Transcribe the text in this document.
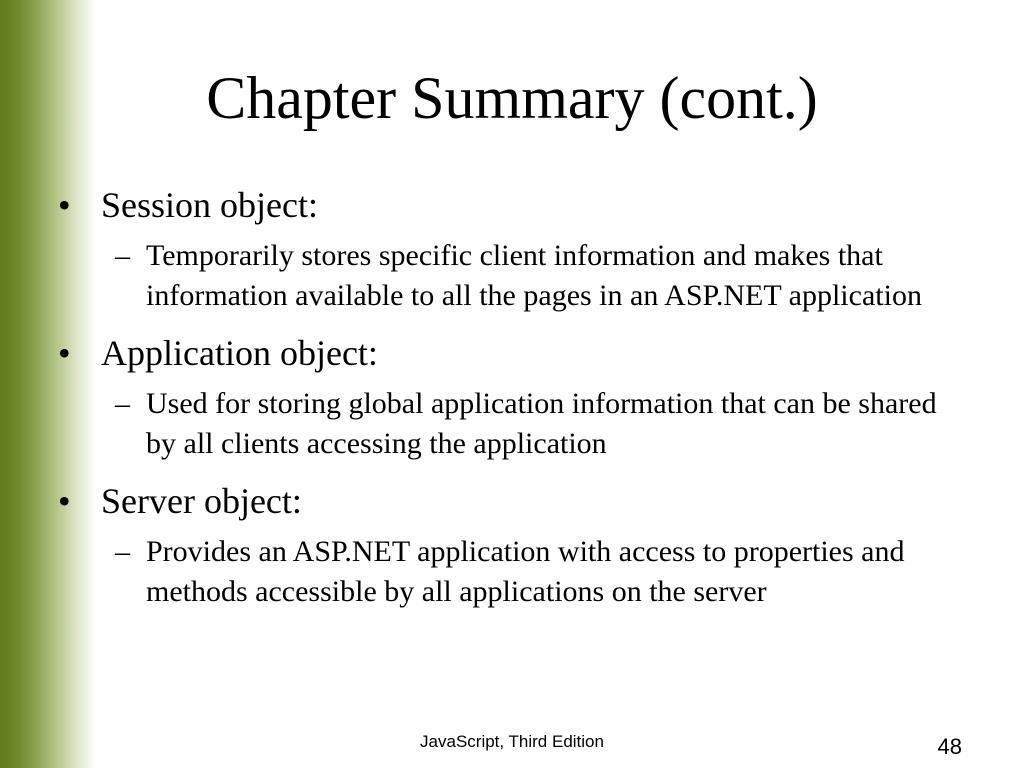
Chapter Summary (cont.)
• Session object:
– Temporarily stores specific client information and makes that information available to all the pages in an ASP.NET application
• Application object:
– Used for storing global application information that can be shared by all clients accessing the application
• Server object:
– Provides an ASP.NET application with access to properties and methods accessible by all applications on the server
JavaScript, Third Edition	48
